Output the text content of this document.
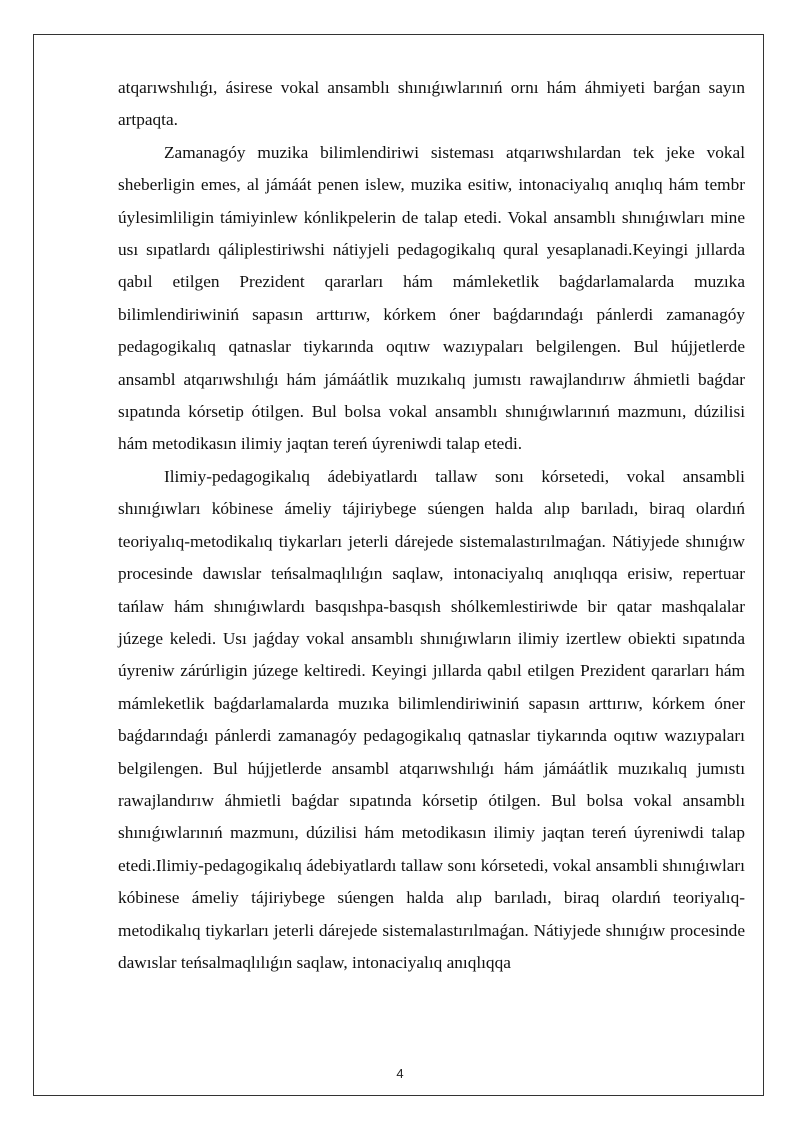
atqarıwshılıǵı, ásirese vokal ansamblı shınıǵıwlarınıń ornı hám áhmiyeti barǵan sayın artpaqta.

Zamanagóy muzika bilimlendiriwi sisteması atqarıwshılardan tek jeke vokal sheberligin emes, al jámáát penen islew, muzika esitiw, intonaciyalıq anıqlıq hám tembr úylesimliligin támiyinlew kónlikpelerin de talap etedi. Vokal ansamblı shınıǵıwları mine usı sıpatlardı qáliplestiriwshi nátiyjeli pedagogikalıq qural yesaplanadi.Keyingi jıllarda qabıl etilgen Prezident qararları hám mámleketlik baǵdarlamalarda muzıka bilimlendiriwiniń sapasın arttırıw, kórkem óner baǵdarındaǵı pánlerdi zamanagóy pedagogikalıq qatnaslar tiykarında oqıtıw wazıypaları belgilengen. Bul hújjetlerde ansambl atqarıwshılıǵı hám jámáátlik muzıkalıq jumıstı rawajlandırıw áhmietli baǵdar sıpatında kórsetip ótilgen. Bul bolsa vokal ansamblı shınıǵıwlarınıń mazmunı, dúzilisi hám metodikasın ilimiy jaqtan tereń úyreniwdi talap etedi.

Ilimiy-pedagogikalıq ádebiyatlardı tallaw sonı kórsetedi, vokal ansambli shınıǵıwları kóbinese ámeliy tájiriybege súengen halda alıp barıladı, biraq olardıń teoriyalıq-metodikalıq tiykarları jeterli dárejede sistemalastırılmaǵan. Nátiyjede shınıǵıw procesinde dawıslar teńsalmaqlılıǵın saqlaw, intonaciyalıq anıqlıqqa erisiw, repertuar tańlaw hám shınıǵıwlardı basqıshpa-basqısh shólkemlestiriwde bir qatar mashqalalar júzege keledi. Usı jaǵday vokal ansamblı shınıǵıwların ilimiy izertlew obiekti sıpatında úyreniw zárúrligin júzege keltiredi. Keyingi jıllarda qabıl etilgen Prezident qararları hám mámleketlik baǵdarlamalarda muzıka bilimlendiriwiniń sapasın arttırıw, kórkem óner baǵdarındaǵı pánlerdi zamanagóy pedagogikalıq qatnaslar tiykarında oqıtıw wazıypaları belgilengen. Bul hújjetlerde ansambl atqarıwshılıǵı hám jámáátlik muzıkalıq jumıstı rawajlandırıw áhmietli baǵdar sıpatında kórsetip ótilgen. Bul bolsa vokal ansamblı shınıǵıwlarınıń mazmunı, dúzilisi hám metodikasın ilimiy jaqtan tereń úyreniwdi talap etedi.Ilimiy-pedagogikalıq ádebiyatlardı tallaw sonı kórsetedi, vokal ansambli shınıǵıwları kóbinese ámeliy tájiriybege súengen halda alıp barıladı, biraq olardıń teoriyalıq-metodikalıq tiykarları jeterli dárejede sistemalastırılmaǵan. Nátiyjede shınıǵıw procesinde dawıslar teńsalmaqlılıǵın saqlaw, intonaciyalıq anıqlıqqa

4
